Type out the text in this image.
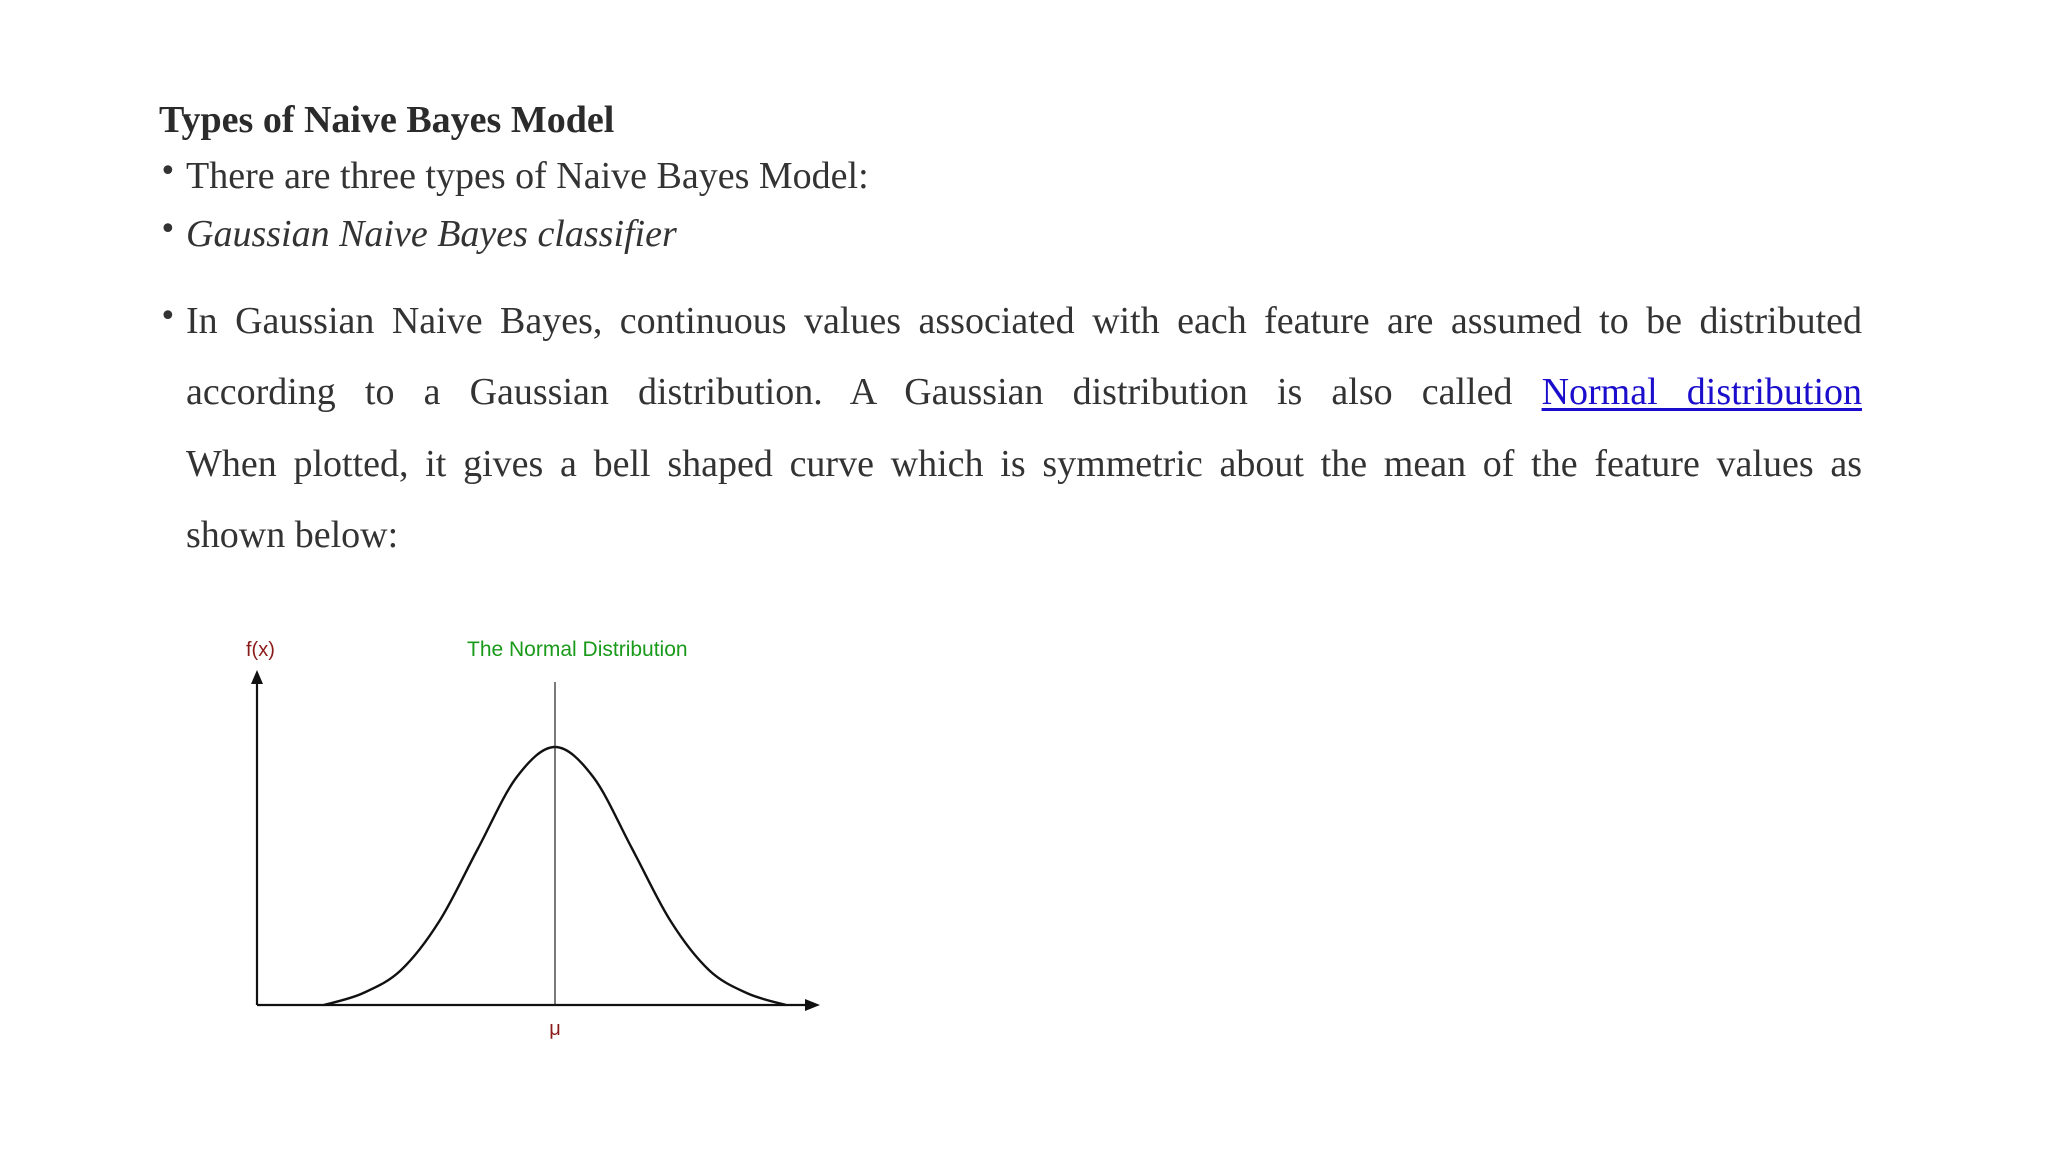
Types of Naive Bayes Model
• There are three types of Naive Bayes Model:
• Gaussian Naive Bayes classifier
• In Gaussian Naive Bayes, continuous values associated with each feature are assumed to be distributed
according to a Gaussian distribution. A Gaussian distribution is also called Normal distribution
When plotted, it gives a bell shaped curve which is symmetric about the mean of the feature values as
shown below:
f(x)	The Normal Distribution
μ
